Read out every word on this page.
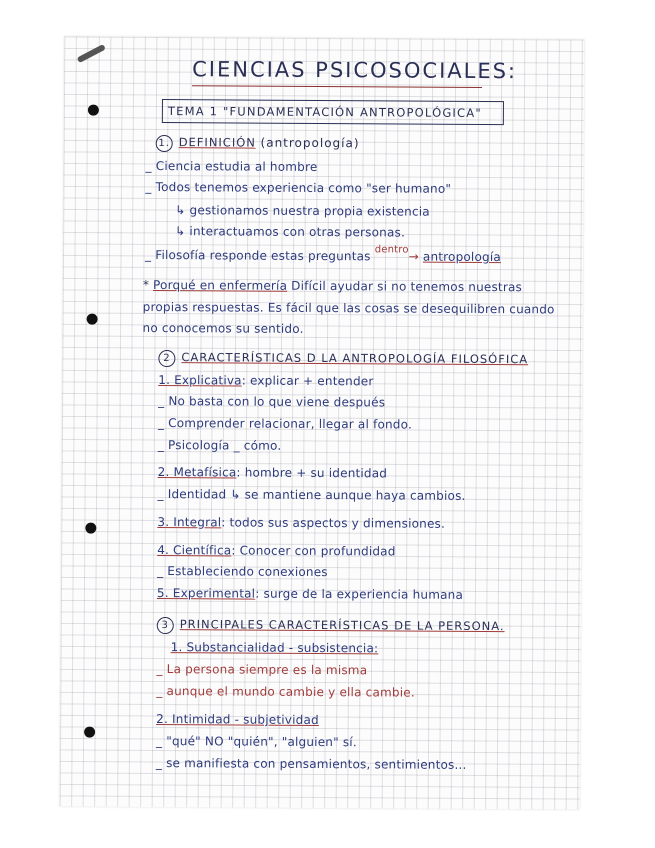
CIENCIAS PSICOSOCIALES:
TEMA 1 "FUNDAMENTACIÓN ANTROPOLÓGICA"
1. DEFINICIÓN (antropología)
_ Ciencia estudia al hombre
_ Todos tenemos experiencia como "ser humano"
↳ gestionamos nuestra propia existencia
↳ interactuamos con otras personas.
_ Filosofía responde estas preguntas $^{dentro}$→ antropología
* Porqué en enfermería Difícil ayudar si no tenemos nuestras
propias respuestas. Es fácil que las cosas se desequilibren cuando
no conocemos su sentido.
2 CARACTERÍSTICAS D LA ANTROPOLOGÍA FILOSÓFICA
1. Explicativa: explicar + entender
_ No basta con lo que viene después
_ Comprender relacionar, llegar al fondo.
_ Psicología _ cómo.
2. Metafísica: hombre + su identidad
_ Identidad ↳ se mantiene aunque haya cambios.
3. Integral: todos sus aspectos y dimensiones.
4. Científica: Conocer con profundidad
_ Estableciendo conexiones
5. Experimental: surge de la experiencia humana
3 PRINCIPALES CARACTERÍSTICAS DE LA PERSONA.
1. Substancialidad - subsistencia:
_ La persona siempre es la misma
_ aunque el mundo cambie y ella cambie.
2. Intimidad - subjetividad
_ "qué" NO "quién", "alguien" sí.
_ se manifiesta con pensamientos, sentimientos...
